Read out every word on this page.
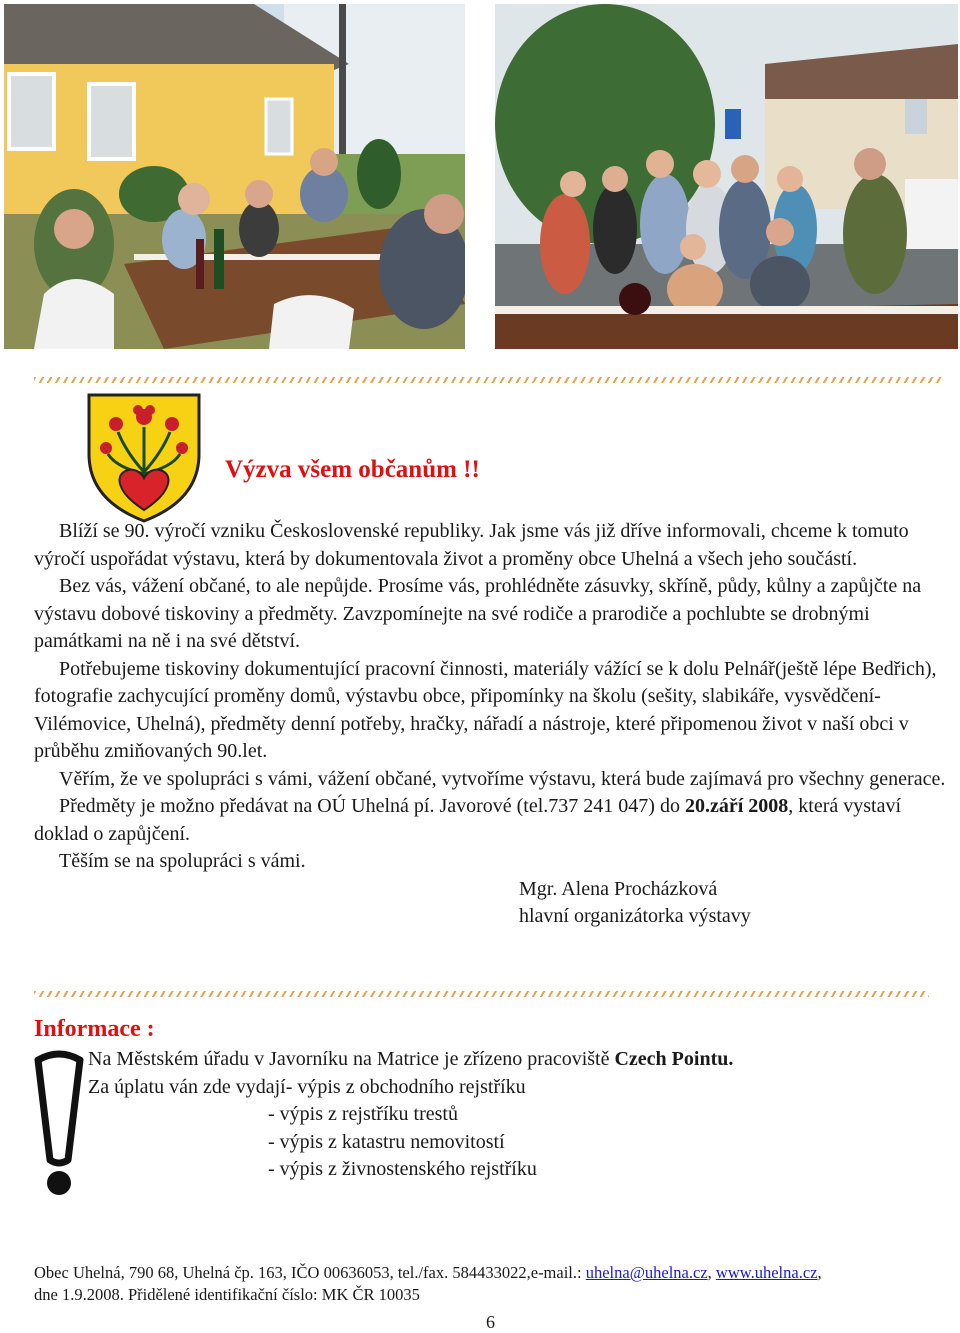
Výzva všem občanům !!

Blíží se 90. výročí vzniku Československé republiky. Jak jsme vás již dříve informovali, chceme k tomuto výročí uspořádat výstavu, která by dokumentovala život a proměny obce Uhelná a všech jeho součástí.

Bez vás, vážení občané, to ale nepůjde. Prosíme vás, prohlédněte zásuvky, skříně, půdy, kůlny a zapůjčte na výstavu dobové tiskoviny a předměty. Zavzpomínejte na své rodiče a prarodiče a pochlubte se drobnými památkami na ně i na své dětství.

Potřebujeme tiskoviny dokumentující pracovní činnosti, materiály vážící se k dolu Pelnář(ještě lépe Bedřich), fotografie zachycující proměny domů, výstavbu obce, připomínky na školu (sešity, slabikáře, vysvědčení- Vilémovice, Uhelná), předměty denní potřeby, hračky, nářadí a nástroje, které připomenou život v naší obci v průběhu zmiňovaných 90.let.

Věřím, že ve spolupráci s vámi, vážení občané, vytvoříme výstavu, která bude zajímavá pro všechny generace.

Předměty je možno předávat na OÚ Uhelná pí. Javorové (tel.737 241 047) do 20.září 2008, která vystaví doklad o zapůjčení.

Těším se na spolupráci s vámi.

Mgr. Alena Procházková

hlavní organizátorka výstavy

Informace :

Na Městském úřadu v Javorníku na Matrice je zřízeno pracoviště Czech Pointu.

Za úplatu ván zde vydají- výpis z obchodního rejstříku

- výpis z rejstříku trestů

- výpis z katastru nemovitostí

- výpis z živnostenského rejstříku

Obec Uhelná, 790 68, Uhelná čp. 163, IČO 00636053, tel./fax. 584433022,e-mail.: uhelna@uhelna.cz, www.uhelna.cz,
dne 1.9.2008. Přidělené identifikační číslo: MK ČR 10035
6
